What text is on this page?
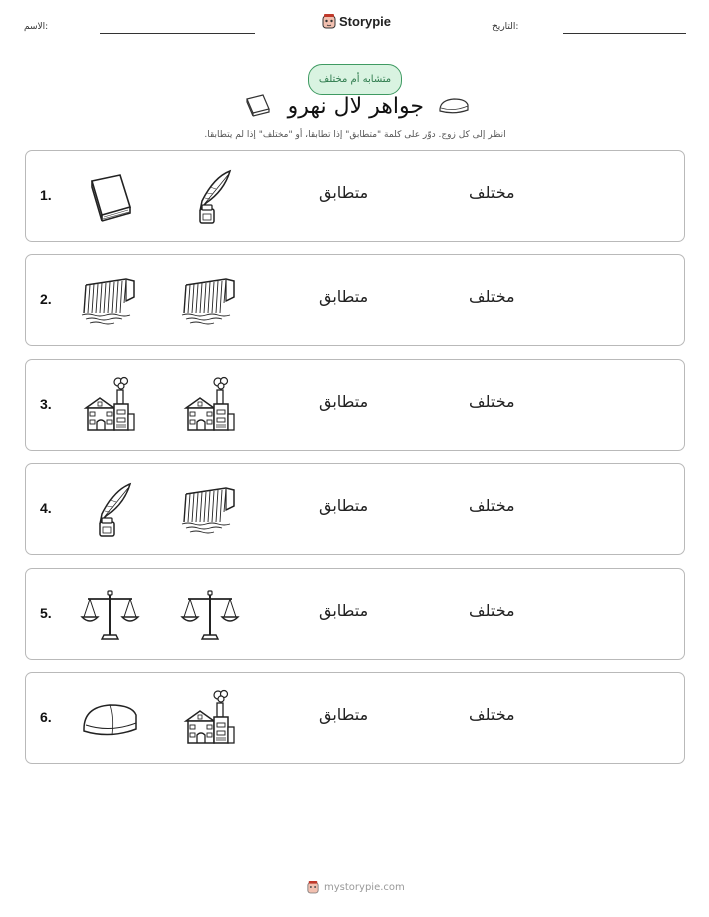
الاسم:	Storypie	التاريخ:
متشابه أم مختلف
جواهر لال نهرو
انظر إلى كل زوج. دوّر على كلمة "متطابق" إذا تطابقا، أو "مختلف" إذا لم يتطابقا.
1.	متطابق	مختلف
2.	متطابق	مختلف
3.	متطابق	مختلف
4.	متطابق	مختلف
5.	متطابق	مختلف
6.	متطابق	مختلف
mystorypie.com
